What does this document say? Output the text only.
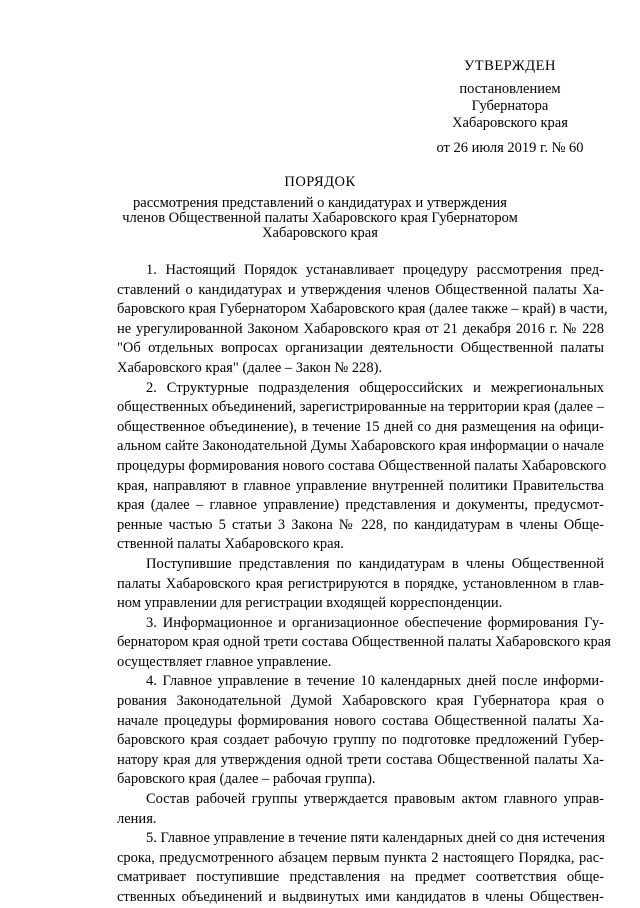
УТВЕРЖДЕН
постановлением
Губернатора
Хабаровского края
от 26 июля 2019 г. № 60
ПОРЯДОК
рассмотрения представлений о кандидатурах и утверждения
членов Общественной палаты Хабаровского края Губернатором
Хабаровского края

1. Настоящий Порядок устанавливает процедуру рассмотрения пред-
ставлений о кандидатурах и утверждения членов Общественной палаты Ха-
баровского края Губернатором Хабаровского края (далее также – край) в части,
не урегулированной Законом Хабаровского края от 21 декабря 2016 г. № 228
"Об отдельных вопросах организации деятельности Общественной палаты
Хабаровского края" (далее – Закон № 228).

2. Структурные подразделения общероссийских и межрегиональных
общественных объединений, зарегистрированные на территории края (далее –
общественное объединение), в течение 15 дней со дня размещения на офици-
альном сайте Законодательной Думы Хабаровского края информации о начале
процедуры формирования нового состава Общественной палаты Хабаровского
края, направляют в главное управление внутренней политики Правительства
края (далее – главное управление) представления и документы, предусмот-
ренные частью 5 статьи 3 Закона № 228, по кандидатурам в члены Обще-
ственной палаты Хабаровского края.

Поступившие представления по кандидатурам в члены Общественной
палаты Хабаровского края регистрируются в порядке, установленном в глав-
ном управлении для регистрации входящей корреспонденции.

3. Информационное и организационное обеспечение формирования Гу-
бернатором края одной трети состава Общественной палаты Хабаровского края
осуществляет главное управление.

4. Главное управление в течение 10 календарных дней после информи-
рования Законодательной Думой Хабаровского края Губернатора края о
начале процедуры формирования нового состава Общественной палаты Ха-
баровского края создает рабочую группу по подготовке предложений Губер-
натору края для утверждения одной трети состава Общественной палаты Ха-
баровского края (далее – рабочая группа).

Состав рабочей группы утверждается правовым актом главного управ-
ления.

5. Главное управление в течение пяти календарных дней со дня истечения
срока, предусмотренного абзацем первым пункта 2 настоящего Порядка, рас-
сматривает поступившие представления на предмет соответствия обще-
ственных объединений и выдвинутых ими кандидатов в члены Обществен-
